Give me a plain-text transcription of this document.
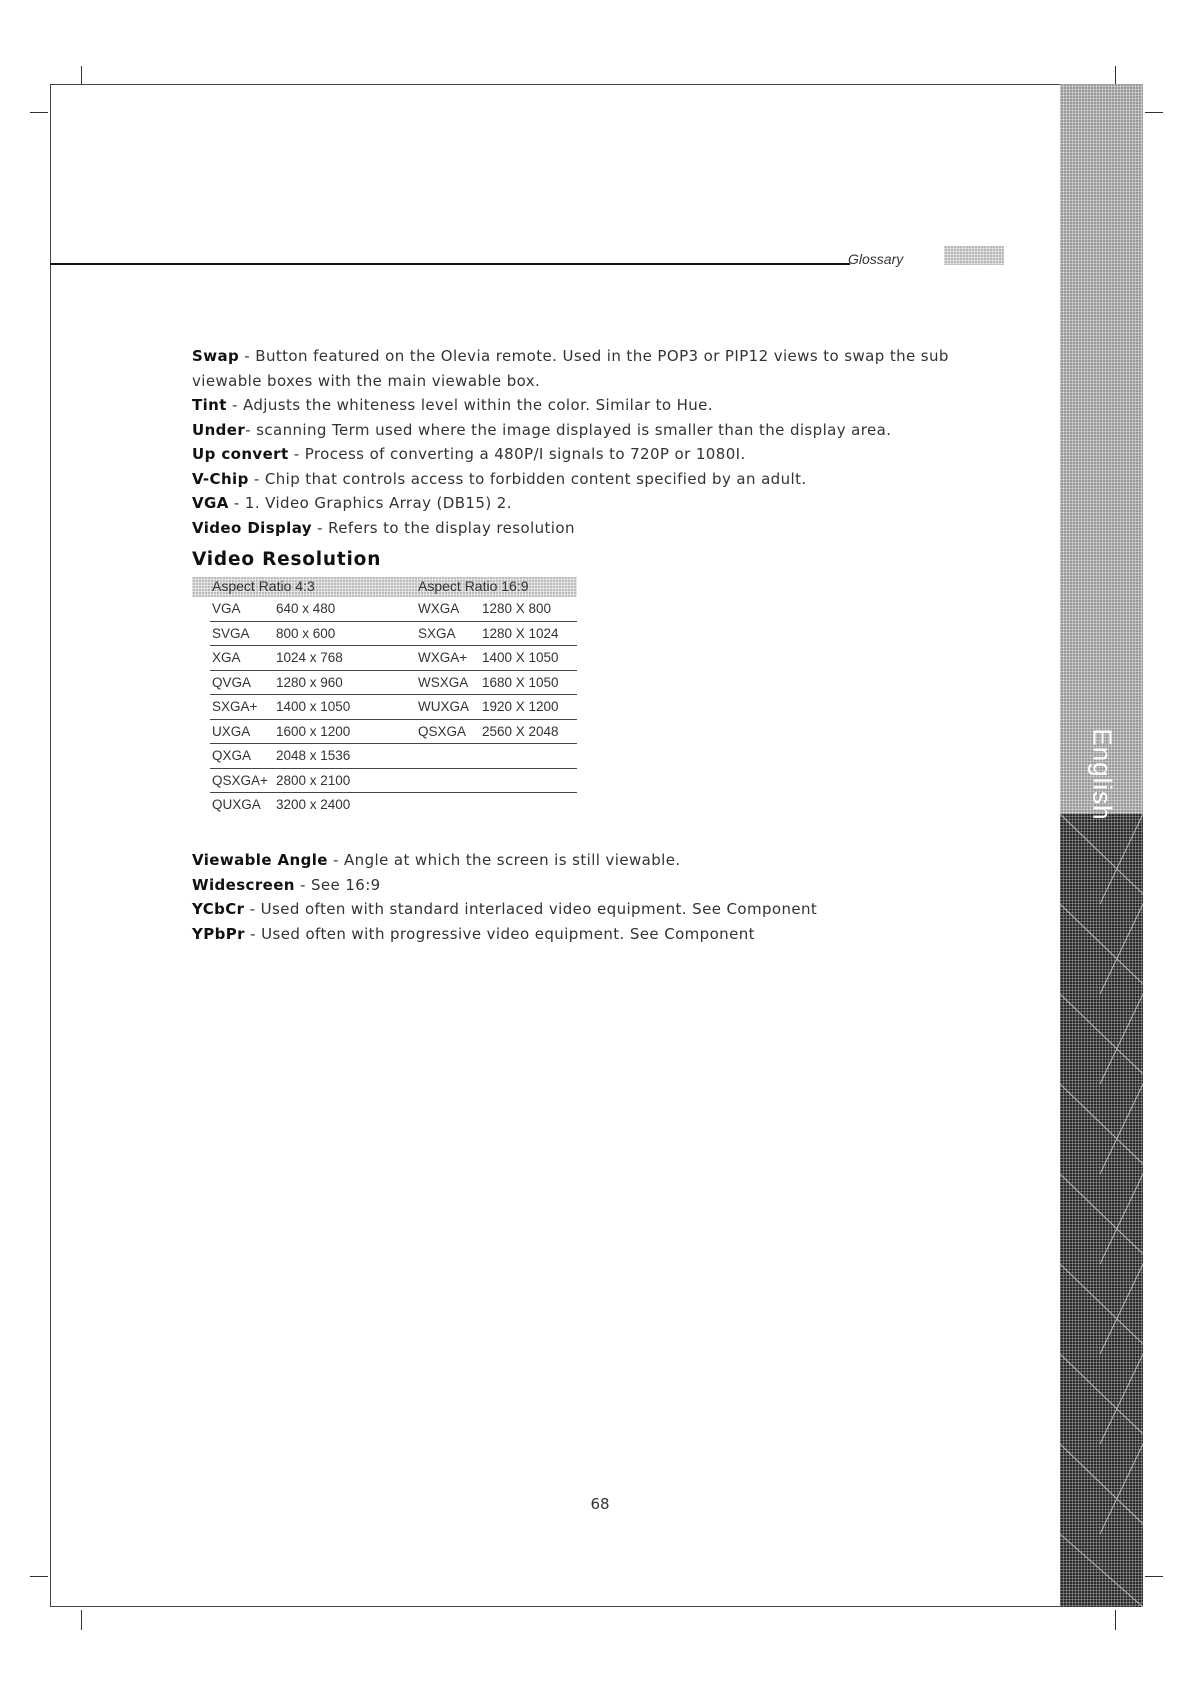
English
Glossary

Swap - Button featured on the Olevia remote. Used in the POP3 or PIP12 views to swap the sub viewable boxes with the main viewable box.

Tint - Adjusts the whiteness level within the color. Similar to Hue.

Under- scanning Term used where the image displayed is smaller than the display area.

Up convert - Process of converting a 480P/I signals to 720P or 1080I.

V-Chip - Chip that controls access to forbidden content specified by an adult.

VGA - 1. Video Graphics Array (DB15) 2.

Video Display - Refers to the display resolution

Video Resolution
Aspect Ratio 4:3	Aspect Ratio 16:9
VGA	640 x 480	WXGA 1280 X 800
SVGA 800 x 600	SXGA 1280 X 1024
XGA	1024 x 768	WXGA+ 1400 X 1050
QVGA 1280 x 960	WSXGA 1680 X 1050
SXGA+ 1400 x 1050	WUXGA 1920 X 1200
UXGA 1600 x 1200	QSXGA 2560 X 2048
QXGA 2048 x 1536
QSXGA+ 2800 x 2100
QUXGA 3200 x 2400

Viewable Angle - Angle at which the screen is still viewable.

Widescreen - See 16:9

YCbCr - Used often with standard interlaced video equipment. See Component

YPbPr - Used often with progressive video equipment. See Component

68
